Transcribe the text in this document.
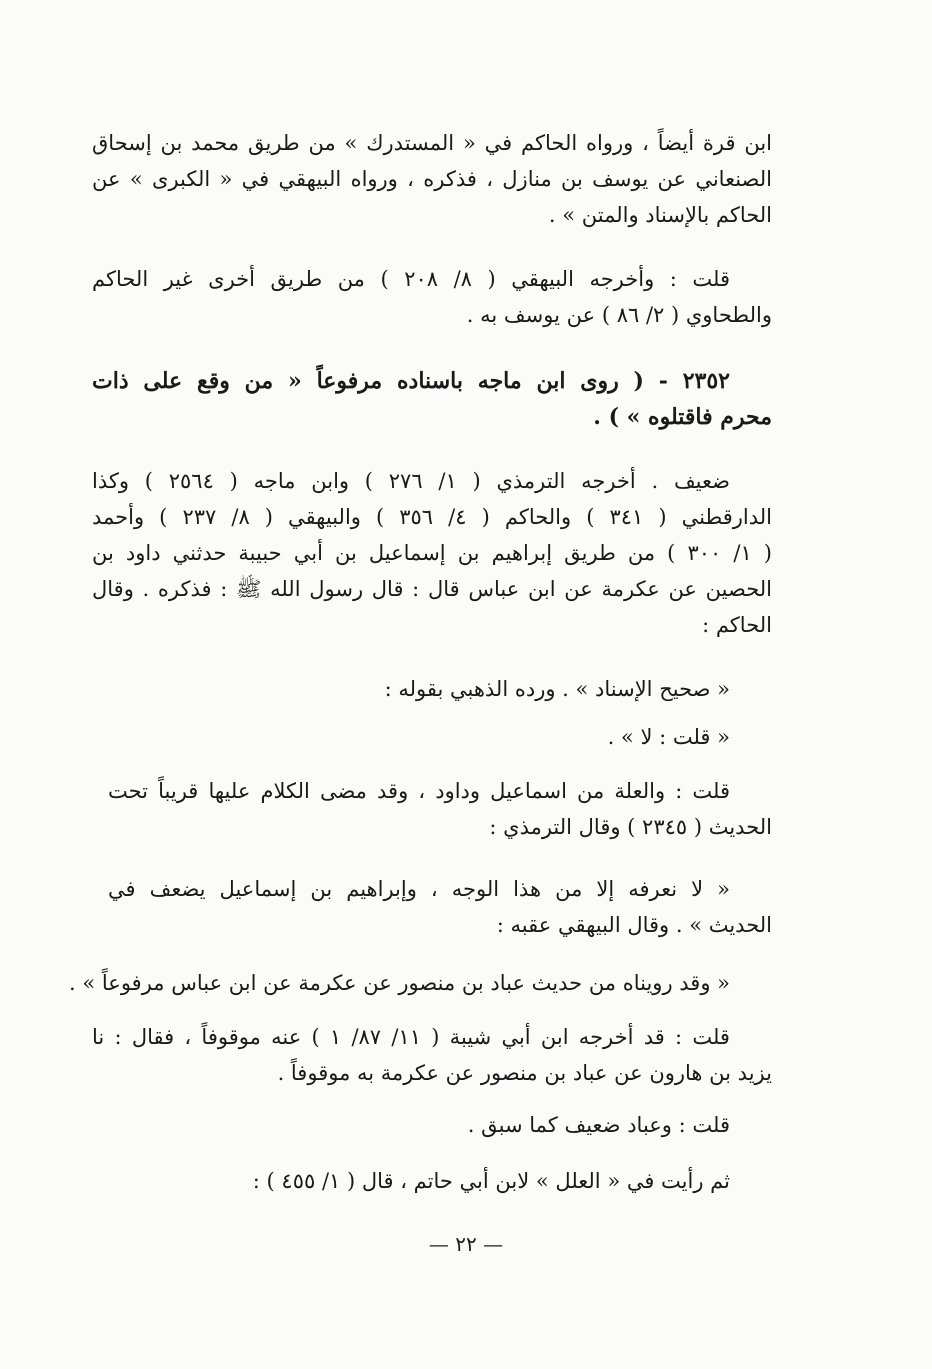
ابن قرة أيضاً ، ورواه الحاكم في « المستدرك » من طريق محمد بن إسحاق
الصنعاني عن يوسف بن منازل ، فذكره ، ورواه البيهقي في « الكبرى » عن
الحاكم بالإسناد والمتن » .
قلت : وأخرجه البيهقي ( ٨/ ٢٠٨ ) من طريق أخرى غير الحاكم
والطحاوي ( ٢/ ٨٦ ) عن يوسف به .
٢٣٥٢ - ( روى ابن ماجه باسناده مرفوعاً « من وقع على ذات
محرم فاقتلوه » ) .
ضعيف . أخرجه الترمذي ( ١/ ٢٧٦ ) وابن ماجه ( ٢٥٦٤ ) وكذا
الدارقطني ( ٣٤١ ) والحاكم ( ٤/ ٣٥٦ ) والبيهقي ( ٨/ ٢٣٧ ) وأحمد
( ١/ ٣٠٠ ) من طريق إبراهيم بن إسماعيل بن أبي حبيبة حدثني داود بن
الحصين عن عكرمة عن ابن عباس قال : قال رسول الله ﷺ : فذكره . وقال
الحاكم :
« صحيح الإسناد » . ورده الذهبي بقوله :
« قلت : لا » .
قلت : والعلة من اسماعيل وداود ، وقد مضى الكلام عليها قريباً تحت
الحديث ( ٢٣٤٥ ) وقال الترمذي :
« لا نعرفه إلا من هذا الوجه ، وإبراهيم بن إسماعيل يضعف في
الحديث » . وقال البيهقي عقبه :
« وقد رويناه من حديث عباد بن منصور عن عكرمة عن ابن عباس مرفوعاً » .
قلت : قد أخرجه ابن أبي شيبة ( ١١/ ٨٧/ ١ ) عنه موقوفاً ، فقال : نا
يزيد بن هارون عن عباد بن منصور عن عكرمة به موقوفاً .
قلت : وعباد ضعيف كما سبق .
ثم رأيت في « العلل » لابن أبي حاتم ، قال ( ١/ ٤٥٥ ) :
— ٢٢ —
